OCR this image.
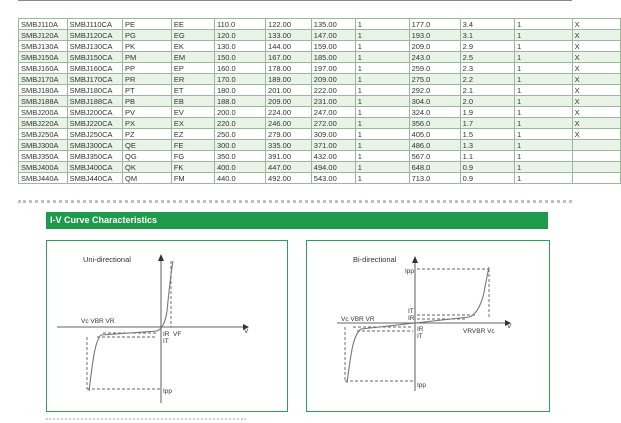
SMBJ110A	SMBJ110CA	PE	EE	110.0	122.00	135.00	1	177.0	3.4	1	X
SMBJ120A	SMBJ120CA	PG	EG	120.0	133.00	147.00	1	193.0	3.1	1	X
SMBJ130A	SMBJ130CA	PK	EK	130.0	144.00	159.00	1	209.0	2.9	1	X
SMBJ150A	SMBJ150CA	PM	EM	150.0	167.00	185.00	1	243.0	2.5	1	X
SMBJ160A	SMBJ160CA	PP	EP	160.0	178.00	197.00	1	259.0	2.3	1	X
SMBJ170A	SMBJ170CA	PR	ER	170.0	189.00	209.00	1	275.0	2.2	1	X
SMBJ180A	SMBJ180CA	PT	ET	180.0	201.00	222.00	1	292.0	2.1	1	X
SMBJ188A	SMBJ188CA	PB	EB	188.0	209.00	231.00	1	304.0	2.0	1	X
SMBJ200A	SMBJ200CA	PV	EV	200.0	224.00	247.00	1	324.0	1.9	1	X
SMBJ220A	SMBJ220CA	PX	EX	220.0	246.00	272.00	1	356.0	1.7	1	X
SMBJ250A	SMBJ250CA	PZ	EZ	250.0	279.00	309.00	1	405.0	1.5	1	X
SMBJ300A	SMBJ300CA	QE	FE	300.0	335.00	371.00	1	486.0	1.3	1	
SMBJ350A	SMBJ350CA	QG	FG	350.0	391.00	432.00	1	567.0	1.1	1	
SMBJ400A	SMBJ400CA	QK	FK	400.0	447.00	494.00	1	648.0	0.9	1	
SMBJ440A	SMBJ440CA	QM	FM	440.0	492.00	543.00	1	713.0	0.9	1	
I-V Curve Characteristics
Uni-directional
Vc VBR VR
IR
IT
VF
Ipp
V
Bi-directional
Ipp
IT
IR
Vc VBR VR
IR
IT
VRVBR Vc
Ipp
V
